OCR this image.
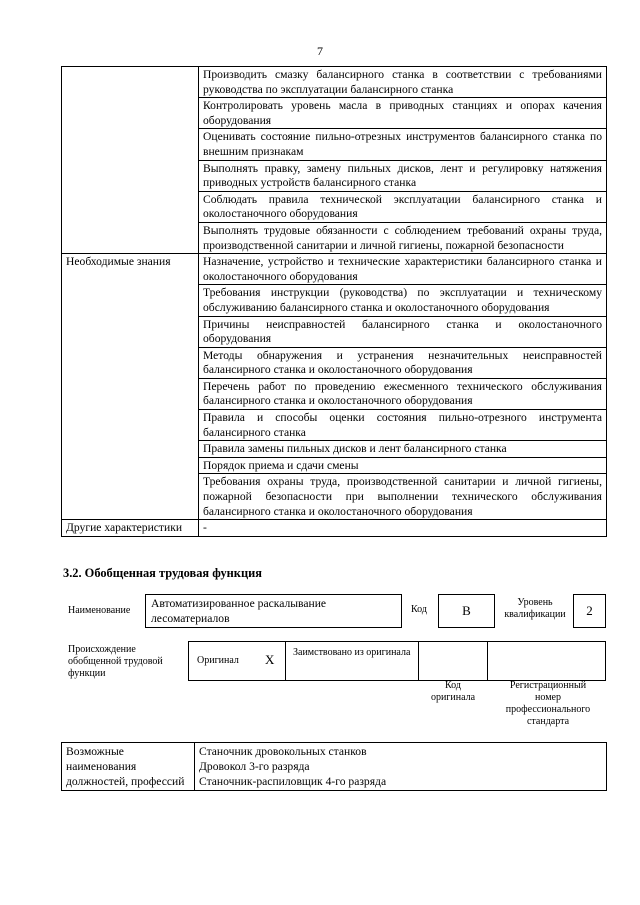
7
	Производить смазку балансирного станка в соответствии с требованиями руководства по эксплуатации балансирного станка
	Контролировать уровень масла в приводных станциях и опорах качения оборудования
	Оценивать состояние пильно-отрезных инструментов балансирного станка по внешним признакам
	Выполнять правку, замену пильных дисков, лент и регулировку натяжения приводных устройств балансирного станка
	Соблюдать правила технической эксплуатации балансирного станка и околостаночного оборудования
	Выполнять трудовые обязанности с соблюдением требований охраны труда, производственной санитарии и личной гигиены, пожарной безопасности
Необходимые знания	Назначение, устройство и технические характеристики балансирного станка и околостаночного оборудования
	Требования инструкции (руководства) по эксплуатации и техническому обслуживанию балансирного станка и околостаночного оборудования
	Причины неисправностей балансирного станка и околостаночного оборудования
	Методы обнаружения и устранения незначительных неисправностей балансирного станка и околостаночного оборудования
	Перечень работ по проведению ежесменного технического обслуживания балансирного станка и околостаночного оборудования
	Правила и способы оценки состояния пильно-отрезного инструмента балансирного станка
	Правила замены пильных дисков и лент балансирного станка
	Порядок приема и сдачи смены
	Требования охраны труда, производственной санитарии и личной гигиены, пожарной безопасности при выполнении технического обслуживания балансирного станка и околостаночного оборудования
Другие характеристики	-
3.2. Обобщенная трудовая функция
Наименование
Автоматизированное раскалывание лесоматериалов
Код	B
Уровень квалификации	2
Происхождение обобщенной трудовой функции
Оригинал X Заимствовано из оригинала
Код оригинала
Регистрационный номер профессионального стандарта
Возможные наименования должностей, профессий	
Станочник дровокольных станков
Дровокол 3-го разряда
Станочник-распиловщик 4-го разряда
